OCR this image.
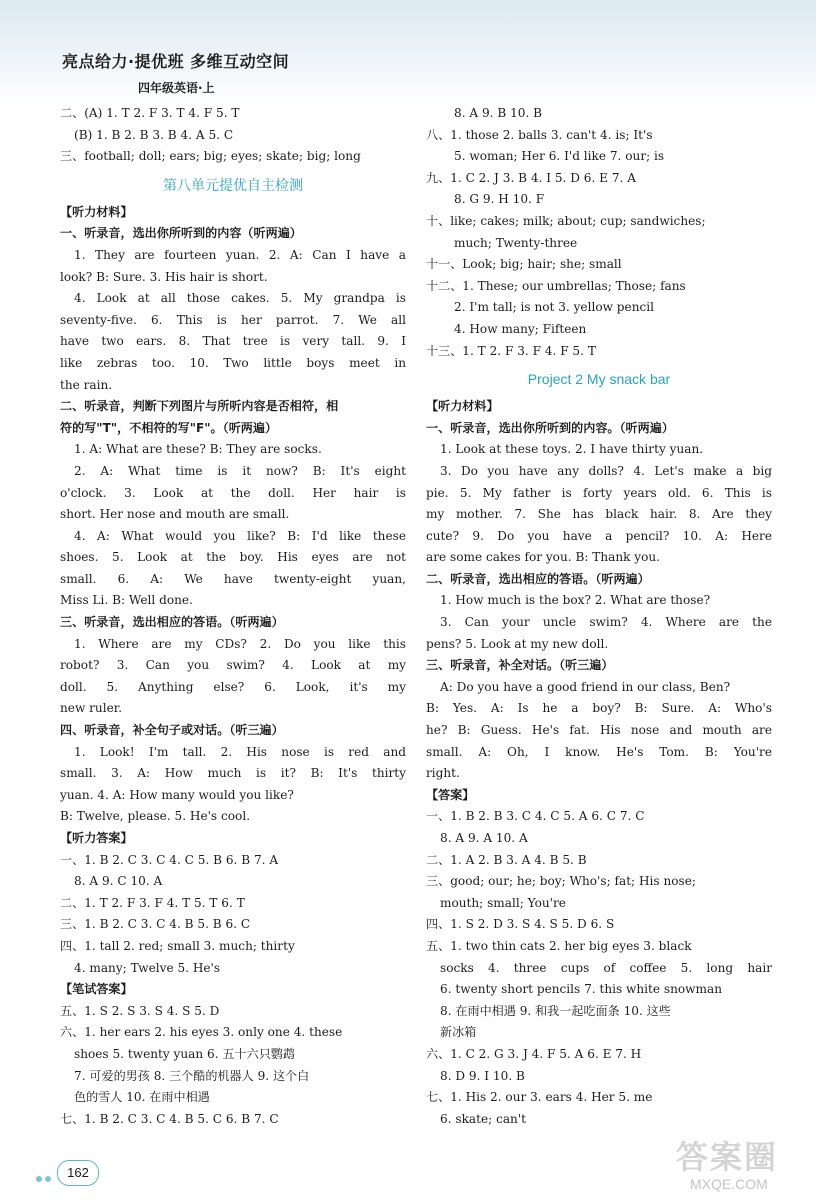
亮点给力·提优班 多维互动空间
四年级英语·上
二、(A) 1. T 2. F 3. T 4. F 5. T
(B) 1. B 2. B 3. B 4. A 5. C
三、football; doll; ears; big; eyes; skate; big; long
第八单元提优自主检测
【听力材料】
一、听录音，选出你所听到的内容（听两遍）
1. They are fourteen yuan. 2. A: Can I have a
look? B: Sure. 3. His hair is short.
4. Look at all those cakes. 5. My grandpa is
seventy-five. 6. This is her parrot. 7. We all
have two ears. 8. That tree is very tall. 9. I
like zebras too. 10. Two little boys meet in
the rain.
二、听录音，判断下列图片与所听内容是否相符，相
符的写"T"，不相符的写"F"。（听两遍）
1. A: What are these? B: They are socks.
2. A: What time is it now? B: It's eight
o'clock. 3. Look at the doll. Her hair is
short. Her nose and mouth are small.
4. A: What would you like? B: I'd like these
shoes. 5. Look at the boy. His eyes are not
small. 6. A: We have twenty-eight yuan,
Miss Li. B: Well done.
三、听录音，选出相应的答语。（听两遍）
1. Where are my CDs? 2. Do you like this
robot? 3. Can you swim? 4. Look at my
doll. 5. Anything else? 6. Look, it's my
new ruler.
四、听录音，补全句子或对话。（听三遍）
1. Look! I'm tall. 2. His nose is red and
small. 3. A: How much is it? B: It's thirty
yuan. 4. A: How many would you like?
B: Twelve, please. 5. He's cool.
【听力答案】
一、1. B 2. C 3. C 4. C 5. B 6. B 7. A
8. A 9. C 10. A
二、1. T 2. F 3. F 4. T 5. T 6. T
三、1. B 2. C 3. C 4. B 5. B 6. C
四、1. tall 2. red; small 3. much; thirty
4. many; Twelve 5. He's
【笔试答案】
五、1. S 2. S 3. S 4. S 5. D
六、1. her ears 2. his eyes 3. only one 4. these
shoes 5. twenty yuan 6. 五十六只鹦鹉
7. 可爱的男孩 8. 三个酷的机器人 9. 这个白
色的雪人 10. 在雨中相遇
七、1. B 2. C 3. C 4. B 5. C 6. B 7. C
8. A 9. B 10. B
八、1. those 2. balls 3. can't 4. is; It's
5. woman; Her 6. I'd like 7. our; is
九、1. C 2. J 3. B 4. I 5. D 6. E 7. A
8. G 9. H 10. F
十、like; cakes; milk; about; cup; sandwiches;
much; Twenty-three
十一、Look; big; hair; she; small
十二、1. These; our umbrellas; Those; fans
2. I'm tall; is not 3. yellow pencil
4. How many; Fifteen
十三、1. T 2. F 3. F 4. F 5. T
Project 2 My snack bar
【听力材料】
一、听录音，选出你所听到的内容。（听两遍）
1. Look at these toys. 2. I have thirty yuan.
3. Do you have any dolls? 4. Let's make a big
pie. 5. My father is forty years old. 6. This is
my mother. 7. She has black hair. 8. Are they
cute? 9. Do you have a pencil? 10. A: Here
are some cakes for you. B: Thank you.
二、听录音，选出相应的答语。（听两遍）
1. How much is the box? 2. What are those?
3. Can your uncle swim? 4. Where are the
pens? 5. Look at my new doll.
三、听录音，补全对话。（听三遍）
A: Do you have a good friend in our class, Ben?
B: Yes. A: Is he a boy? B: Sure. A: Who's
he? B: Guess. He's fat. His nose and mouth are
small. A: Oh, I know. He's Tom. B: You're
right.
【答案】
一、1. B 2. B 3. C 4. C 5. A 6. C 7. C
8. A 9. A 10. A
二、1. A 2. B 3. A 4. B 5. B
三、good; our; he; boy; Who's; fat; His nose;
mouth; small; You're
四、1. S 2. D 3. S 4. S 5. D 6. S
五、1. two thin cats 2. her big eyes 3. black
socks 4. three cups of coffee 5. long hair
6. twenty short pencils 7. this white snowman
8. 在雨中相遇 9. 和我一起吃面条 10. 这些
新冰箱
六、1. C 2. G 3. J 4. F 5. A 6. E 7. H
8. D 9. I 10. B
七、1. His 2. our 3. ears 4. Her 5. me
6. skate; can't
162	答案圈
MXQE.COM
